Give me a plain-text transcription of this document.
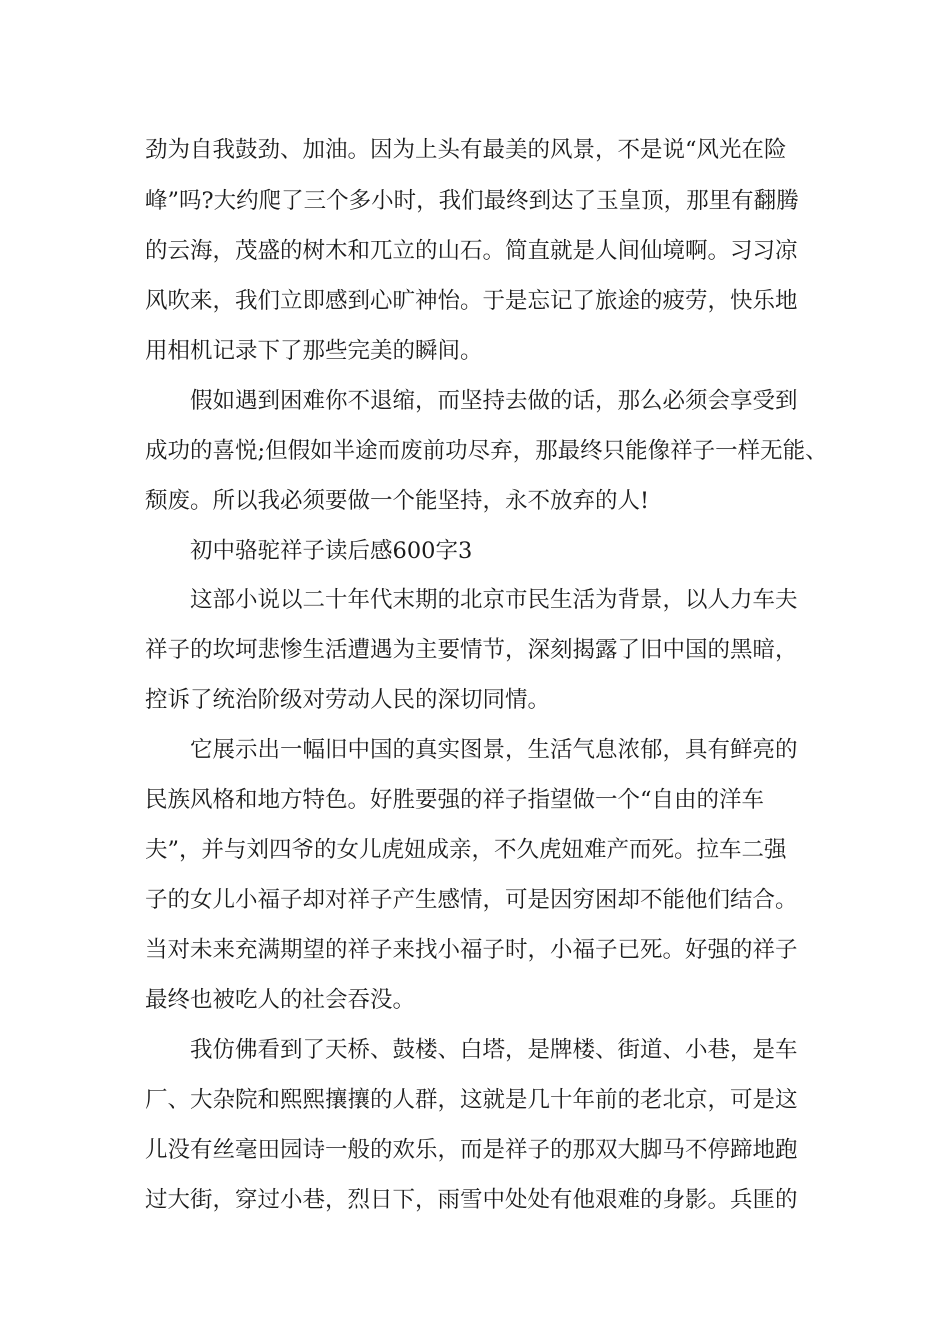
劲为自我鼓劲、加油。因为上头有最美的风景，不是说“风光在险

峰”吗?大约爬了三个多小时，我们最终到达了玉皇顶，那里有翻腾

的云海，茂盛的树木和兀立的山石。简直就是人间仙境啊。习习凉

风吹来，我们立即感到心旷神怡。于是忘记了旅途的疲劳，快乐地

用相机记录下了那些完美的瞬间。

假如遇到困难你不退缩，而坚持去做的话，那么必须会享受到

成功的喜悦;但假如半途而废前功尽弃，那最终只能像祥子一样无能、

颓废。所以我必须要做一个能坚持，永不放弃的人!

初中骆驼祥子读后感600字3

这部小说以二十年代末期的北京市民生活为背景，以人力车夫

祥子的坎坷悲惨生活遭遇为主要情节，深刻揭露了旧中国的黑暗，

控诉了统治阶级对劳动人民的深切同情。

它展示出一幅旧中国的真实图景，生活气息浓郁，具有鲜亮的

民族风格和地方特色。好胜要强的祥子指望做一个“自由的洋车

夫”，并与刘四爷的女儿虎妞成亲，不久虎妞难产而死。拉车二强

子的女儿小福子却对祥子产生感情，可是因穷困却不能他们结合。

当对未来充满期望的祥子来找小福子时，小福子已死。好强的祥子

最终也被吃人的社会吞没。

我仿佛看到了天桥、鼓楼、白塔，是牌楼、街道、小巷，是车

厂、大杂院和熙熙攘攘的人群，这就是几十年前的老北京，可是这

儿没有丝毫田园诗一般的欢乐，而是祥子的那双大脚马不停蹄地跑

过大街，穿过小巷，烈日下，雨雪中处处有他艰难的身影。兵匪的
